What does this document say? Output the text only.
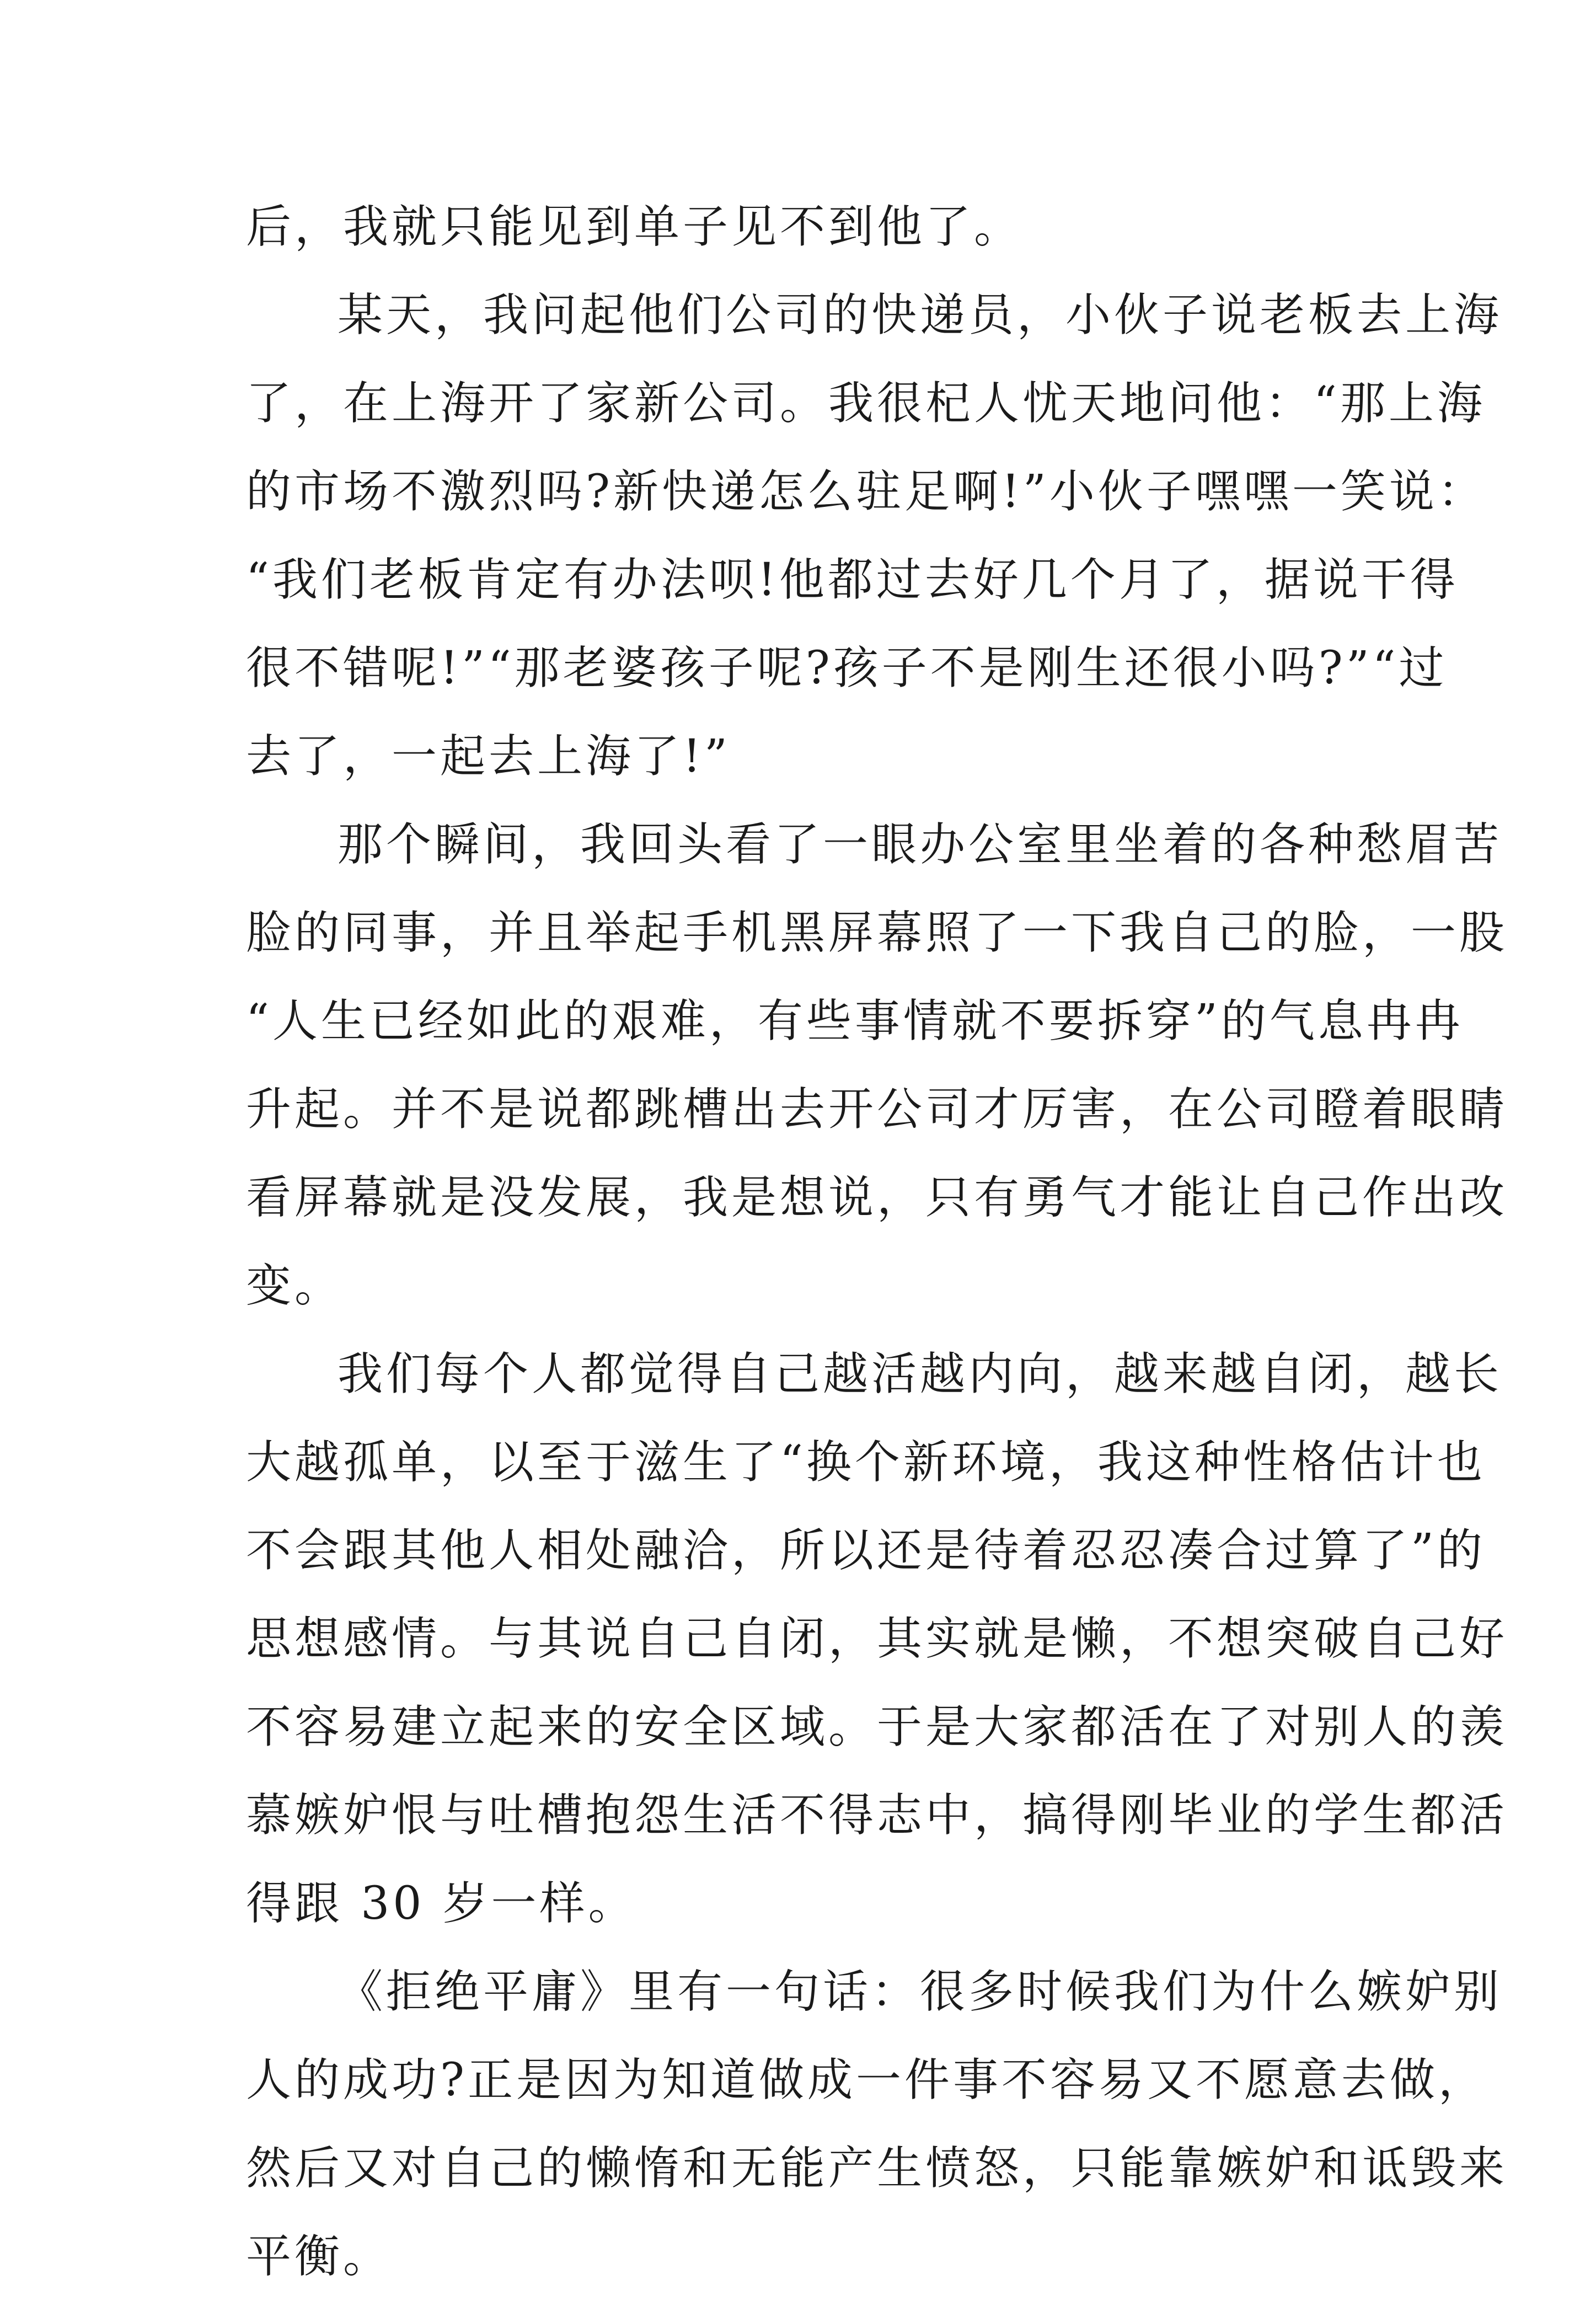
后，我就只能见到单子见不到他了。
某天，我问起他们公司的快递员，小伙子说老板去上海
了，在上海开了家新公司。我很杞人忧天地问他：“那上海
的市场不激烈吗?新快递怎么驻足啊!”小伙子嘿嘿一笑说：
“我们老板肯定有办法呗!他都过去好几个月了，据说干得
很不错呢!”“那老婆孩子呢?孩子不是刚生还很小吗?”“过
去了，一起去上海了!”
那个瞬间，我回头看了一眼办公室里坐着的各种愁眉苦
脸的同事，并且举起手机黑屏幕照了一下我自己的脸，一股
“人生已经如此的艰难，有些事情就不要拆穿”的气息冉冉
升起。并不是说都跳槽出去开公司才厉害，在公司瞪着眼睛
看屏幕就是没发展，我是想说，只有勇气才能让自己作出改
变。
我们每个人都觉得自己越活越内向，越来越自闭，越长
大越孤单，以至于滋生了“换个新环境，我这种性格估计也
不会跟其他人相处融洽，所以还是待着忍忍凑合过算了”的
思想感情。与其说自己自闭，其实就是懒，不想突破自己好
不容易建立起来的安全区域。于是大家都活在了对别人的羡
慕嫉妒恨与吐槽抱怨生活不得志中，搞得刚毕业的学生都活
得跟 30 岁一样。
《拒绝平庸》里有一句话：很多时候我们为什么嫉妒别
人的成功?正是因为知道做成一件事不容易又不愿意去做，
然后又对自己的懒惰和无能产生愤怒，只能靠嫉妒和诋毁来
平衡。
